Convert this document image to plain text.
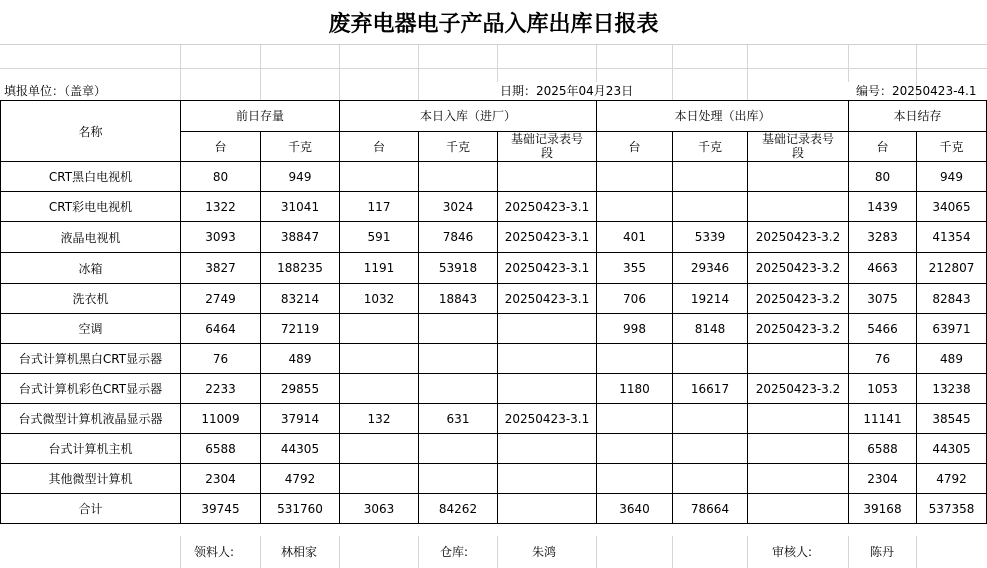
废弃电器电子产品入库出库日报表
填报单位：（盖章）	日期：2025年04月23日	编号：20250423-4.1
名称	前日存量		本日入库（进厂）			本日处理（出库）			本日结存	
	台	千克	台	千克	基础记录表号段	台	千克	基础记录表号段	台	千克
CRT黑白电视机	80	949							80	949
CRT彩电电视机	1322	31041	117	3024	20250423-3.1				1439	34065
液晶电视机	3093	38847	591	7846	20250423-3.1	401	5339	20250423-3.2	3283	41354
冰箱	3827	188235	1191	53918	20250423-3.1	355	29346	20250423-3.2	4663	212807
洗衣机	2749	83214	1032	18843	20250423-3.1	706	19214	20250423-3.2	3075	82843
空调	6464	72119				998	8148	20250423-3.2	5466	63971
台式计算机黑白CRT显示器	76	489							76	489
台式计算机彩色CRT显示器	2233	29855				1180	16617	20250423-3.2	1053	13238
台式微型计算机液晶显示器	11009	37914	132	631	20250423-3.1				11141	38545
台式计算机主机	6588	44305							6588	44305
其他微型计算机	2304	4792							2304	4792
合计	39745	531760	3063	84262		3640	78664		39168	537358
领料人:	林相家	仓库:	朱鸿	审核人:	陈丹
